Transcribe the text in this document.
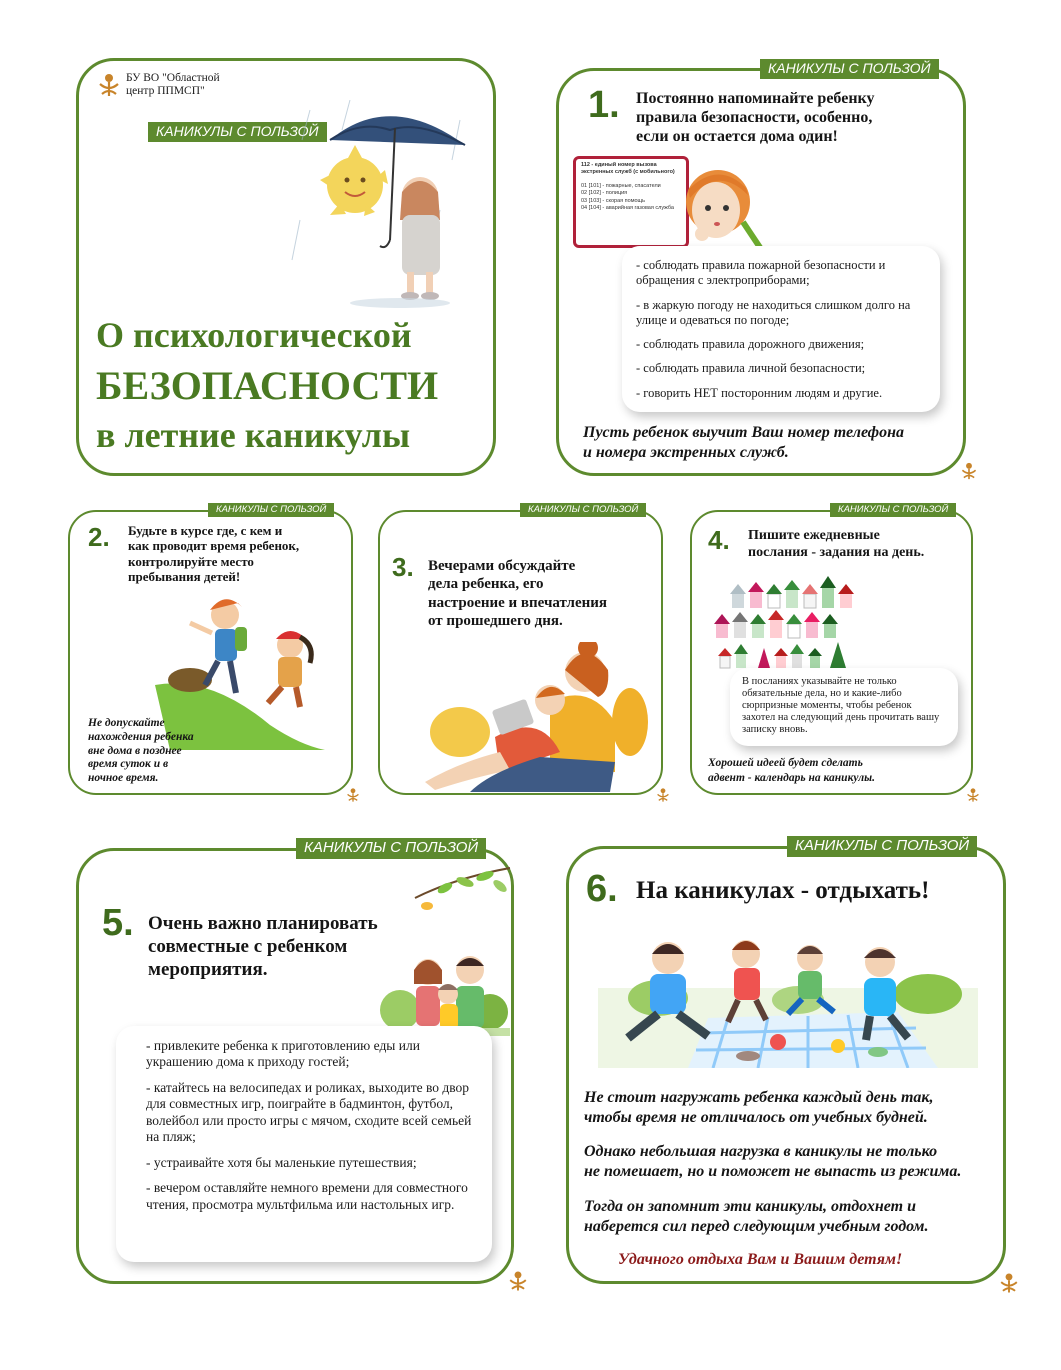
БУ ВО "Областной
центр ППМСП"
КАНИКУЛЫ С ПОЛЬЗОЙ
О психологической
БЕЗОПАСНОСТИ
в летние каникулы
КАНИКУЛЫ С ПОЛЬЗОЙ
1. Постоянно напоминайте ребенку
правила безопасности, особенно,
если он остается дома один!
112 - единый номер вызова экстренных служб (с мобильного)
01 [101] - пожарные, спасатели
02 [102] - полиция
03 [103] - скорая помощь
04 [104] - аварийная газовая служба

- соблюдать правила пожарной безопасности и обращения с электроприборами;

- в жаркую погоду не находиться слишком долго на улице и одеваться по погоде;

- соблюдать правила дорожного движения;

- соблюдать правила личной безопасности;

- говорить НЕТ посторонним людям и другие.

Пусть ребенок выучит Ваш номер телефона
и номера экстренных служб.
КАНИКУЛЫ С ПОЛЬЗОЙ
2. Будьте в курсе где, с кем и
как проводит время ребенок,
контролируйте место
пребывания детей!
Не допускайте
нахождения ребенка
вне дома в позднее
время суток и в
ночное время.
КАНИКУЛЫ С ПОЛЬЗОЙ
3. Вечерами обсуждайте
дела ребенка, его
настроение и впечатления
от прошедшего дня.
КАНИКУЛЫ С ПОЛЬЗОЙ
4. Пишите ежедневные
послания - задания на день.
В посланиях указывайте не только обязательные дела, но и какие-либо сюрпризные моменты, чтобы ребенок захотел на следующий день прочитать вашу записку вновь.
Хорошей идеей будет сделать
адвент - календарь на каникулы.
КАНИКУЛЫ С ПОЛЬЗОЙ
5. Очень важно планировать
совместные с ребенком
мероприятия.

- привлеките ребенка к приготовлению еды или украшению дома к приходу гостей;

- катайтесь на велосипедах и роликах, выходите во двор для совместных игр, поиграйте в бадминтон, футбол, волейбол или просто игры с мячом, сходите всей семьей на пляж;

- устраивайте хотя бы маленькие путешествия;

- вечером оставляйте немного времени для совместного чтения, просмотра мультфильма или настольных игр.

КАНИКУЛЫ С ПОЛЬЗОЙ
6. На каникулах - отдыхать!
Не стоит нагружать ребенка каждый день так,
чтобы время не отличалось от учебных будней.
Однако небольшая нагрузка в каникулы не только
не помешает, но и поможет не выпасть из режима.
Тогда он запомнит эти каникулы, отдохнет и
наберется сил перед следующим учебным годом.
Удачного отдыха Вам и Вашим детям!
